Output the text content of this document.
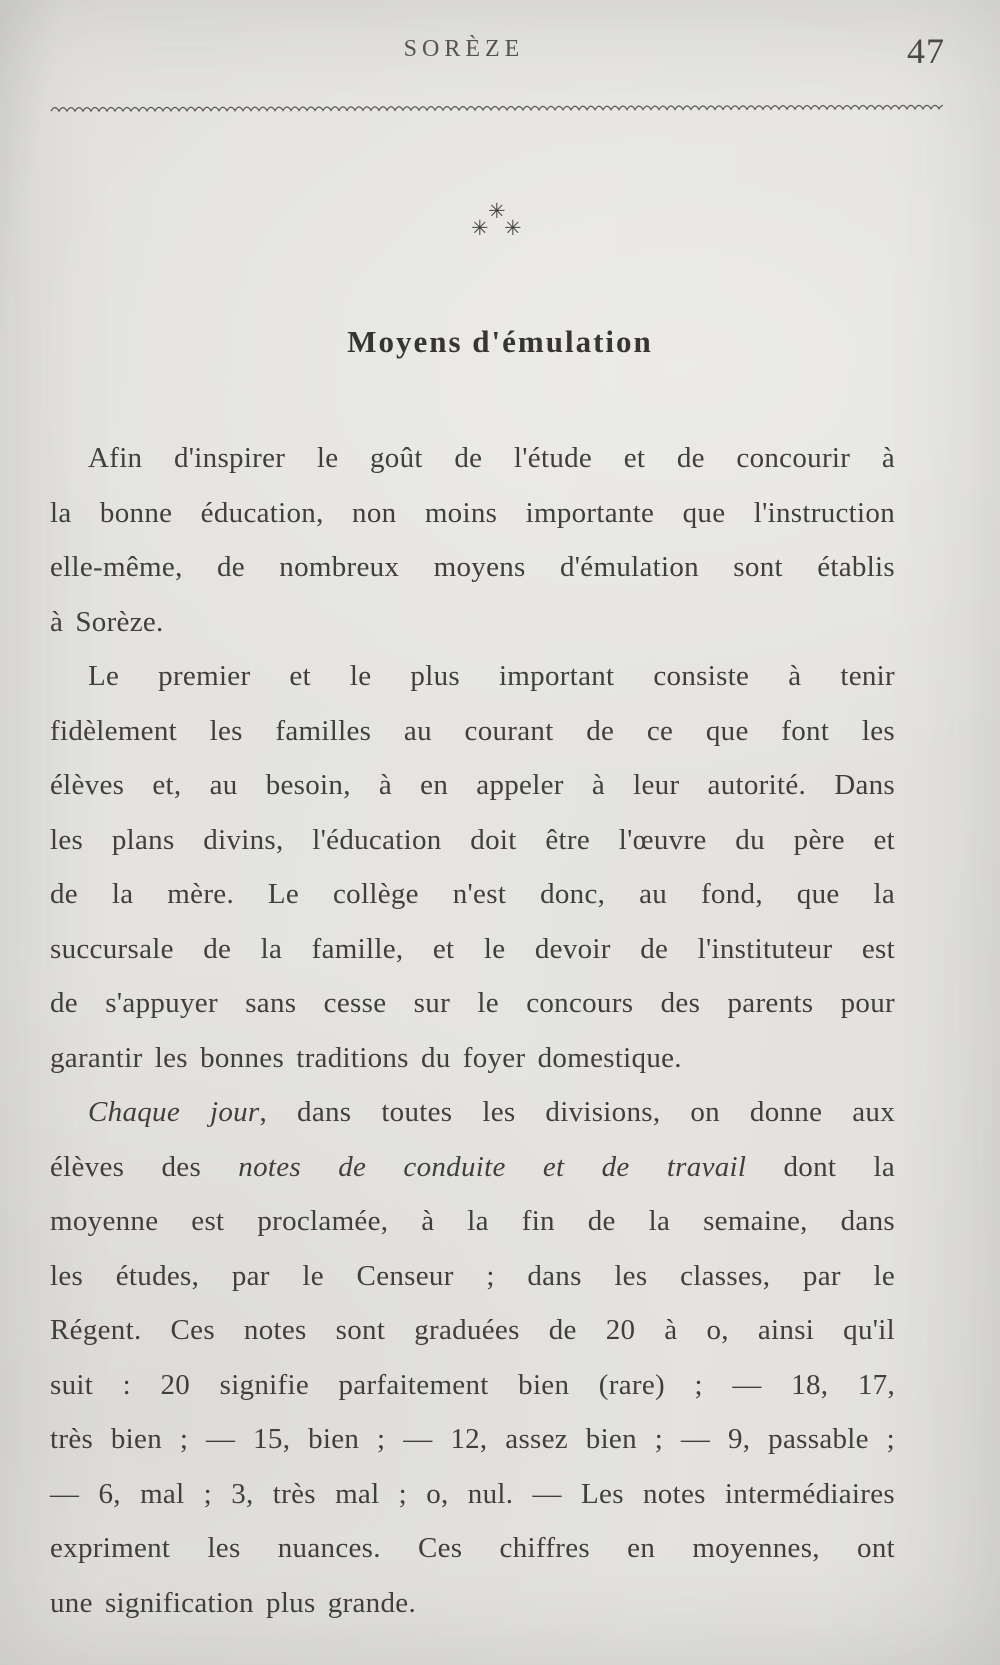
SORÈZE	47
✳
✳ ✳
Moyens d'émulation
Afin d'inspirer le goût de l'étude et de concourir à
la bonne éducation, non moins importante que l'instruction
elle-même, de nombreux moyens d'émulation sont établis
à Sorèze.
Le premier et le plus important consiste à tenir
fidèlement les familles au courant de ce que font les
élèves et, au besoin, à en appeler à leur autorité. Dans
les plans divins, l'éducation doit être l'œuvre du père et
de la mère. Le collège n'est donc, au fond, que la
succursale de la famille, et le devoir de l'instituteur est
de s'appuyer sans cesse sur le concours des parents pour
garantir les bonnes traditions du foyer domestique.
Chaque jour, dans toutes les divisions, on donne aux
élèves des notes de conduite et de travail dont la
moyenne est proclamée, à la fin de la semaine, dans
les études, par le Censeur ; dans les classes, par le
Régent. Ces notes sont graduées de 20 à o, ainsi qu'il
suit : 20 signifie parfaitement bien (rare) ; — 18, 17,
très bien ; — 15, bien ; — 12, assez bien ; — 9, passable ;
— 6, mal ; 3, très mal ; o, nul. — Les notes intermédiaires
expriment les nuances. Ces chiffres en moyennes, ont
une signification plus grande.
